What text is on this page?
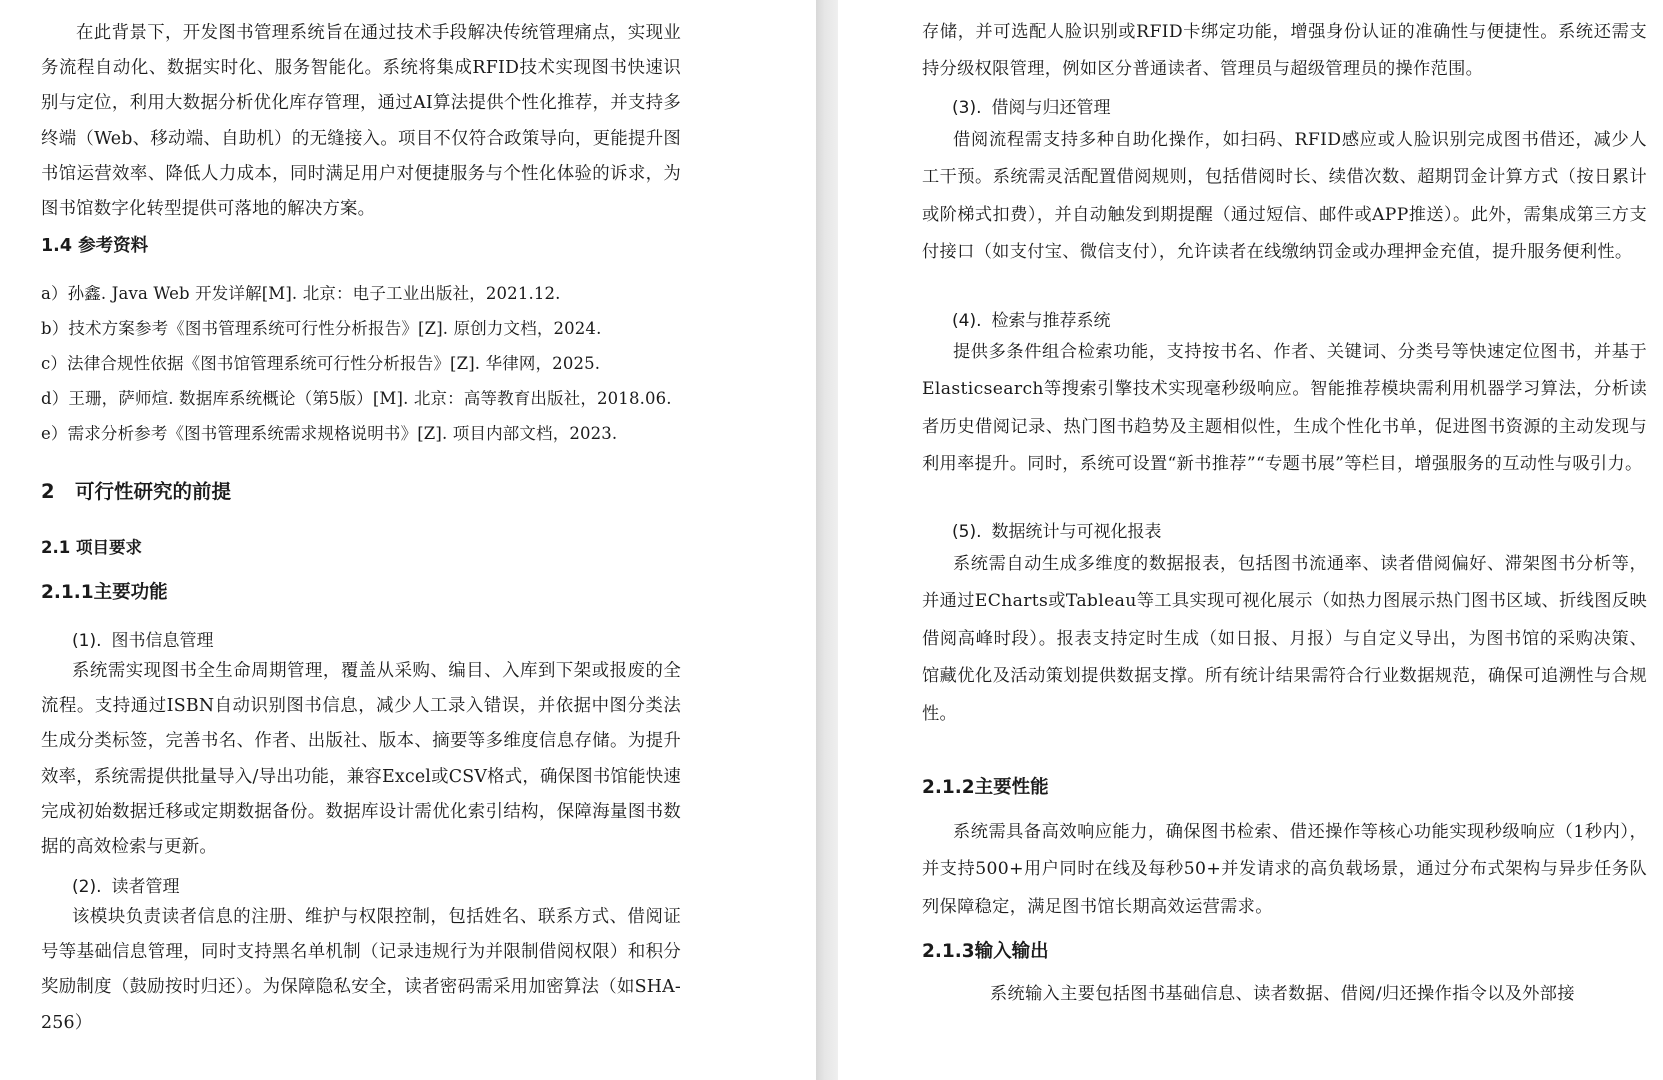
在此背景下，开发图书管理系统旨在通过技术手段解决传统管理痛点，实现业务流程自动化、数据实时化、服务智能化。系统将集成RFID技术实现图书快速识别与定位，利用大数据分析优化库存管理，通过AI算法提供个性化推荐，并支持多终端（Web、移动端、自助机）的无缝接入。项目不仅符合政策导向，更能提升图书馆运营效率、降低人力成本，同时满足用户对便捷服务与个性化体验的诉求，为图书馆数字化转型提供可落地的解决方案。

1.4 参考资料

a）孙鑫. Java Web 开发详解[M]. 北京：电子工业出版社，2021.12.

b）技术方案参考《图书管理系统可行性分析报告》[Z]. 原创力文档，2024.

c）法律合规性依据《图书馆管理系统可行性分析报告》[Z]. 华律网，2025.

d）王珊，萨师煊. 数据库系统概论（第5版）[M]. 北京：高等教育出版社，2018.06.

e）需求分析参考《图书管理系统需求规格说明书》[Z]. 项目内部文档，2023.

2 可行性研究的前提

2.1 项目要求

2.1.1主要功能

(1). 图书信息管理

系统需实现图书全生命周期管理，覆盖从采购、编目、入库到下架或报废的全流程。支持通过ISBN自动识别图书信息，减少人工录入错误，并依据中图分类法生成分类标签，完善书名、作者、出版社、版本、摘要等多维度信息存储。为提升效率，系统需提供批量导入/导出功能，兼容Excel或CSV格式，确保图书馆能快速完成初始数据迁移或定期数据备份。数据库设计需优化索引结构，保障海量图书数据的高效检索与更新。

(2). 读者管理

该模块负责读者信息的注册、维护与权限控制，包括姓名、联系方式、借阅证号等基础信息管理，同时支持黑名单机制（记录违规行为并限制借阅权限）和积分奖励制度（鼓励按时归还）。为保障隐私安全，读者密码需采用加密算法（如SHA-256）

存储，并可选配人脸识别或RFID卡绑定功能，增强身份认证的准确性与便捷性。系统还需支持分级权限管理，例如区分普通读者、管理员与超级管理员的操作范围。

(3). 借阅与归还管理

借阅流程需支持多种自助化操作，如扫码、RFID感应或人脸识别完成图书借还，减少人工干预。系统需灵活配置借阅规则，包括借阅时长、续借次数、超期罚金计算方式（按日累计或阶梯式扣费），并自动触发到期提醒（通过短信、邮件或APP推送）。此外，需集成第三方支付接口（如支付宝、微信支付），允许读者在线缴纳罚金或办理押金充值，提升服务便利性。

(4). 检索与推荐系统

提供多条件组合检索功能，支持按书名、作者、关键词、分类号等快速定位图书，并基于Elasticsearch等搜索引擎技术实现毫秒级响应。智能推荐模块需利用机器学习算法，分析读者历史借阅记录、热门图书趋势及主题相似性，生成个性化书单，促进图书资源的主动发现与利用率提升。同时，系统可设置“新书推荐”“专题书展”等栏目，增强服务的互动性与吸引力。

(5). 数据统计与可视化报表

系统需自动生成多维度的数据报表，包括图书流通率、读者借阅偏好、滞架图书分析等，并通过ECharts或Tableau等工具实现可视化展示（如热力图展示热门图书区域、折线图反映借阅高峰时段）。报表支持定时生成（如日报、月报）与自定义导出，为图书馆的采购决策、馆藏优化及活动策划提供数据支撑。所有统计结果需符合行业数据规范，确保可追溯性与合规性。

2.1.2主要性能

系统需具备高效响应能力，确保图书检索、借还操作等核心功能实现秒级响应（1秒内），并支持500+用户同时在线及每秒50+并发请求的高负载场景，通过分布式架构与异步任务队列保障稳定，满足图书馆长期高效运营需求。

2.1.3输入输出

系统输入主要包括图书基础信息、读者数据、借阅/归还操作指令以及外部接
